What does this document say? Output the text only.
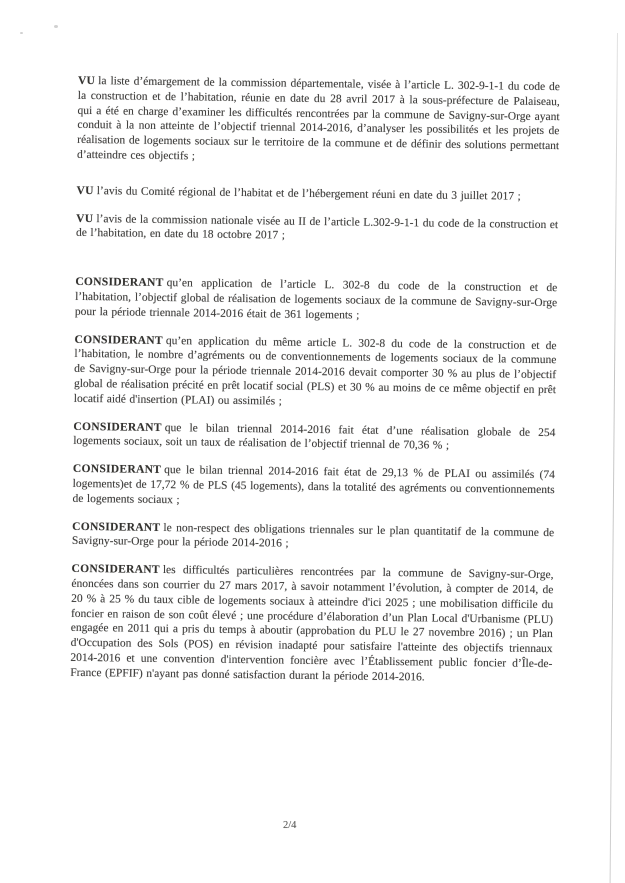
VU la liste d’émargement de la commission départementale, visée à l’article L. 302-9-1-1 du code de la construction et de l’habitation, réunie en date du 28 avril 2017 à la sous-préfecture de Palaiseau, qui a été en charge d’examiner les difficultés rencontrées par la commune de Savigny-sur-Orge ayant conduit à la non atteinte de l’objectif triennal 2014-2016, d’analyser les possibilités et les projets de réalisation de logements sociaux sur le territoire de la commune et de définir des solutions permettant d’atteindre ces objectifs ;

VU l’avis du Comité régional de l’habitat et de l’hébergement réuni en date du 3 juillet 2017 ;

VU l’avis de la commission nationale visée au II de l’article L.302-9-1-1 du code de la construction et de l’habitation, en date du 18 octobre 2017 ;

CONSIDERANT qu’en application de l’article L. 302-8 du code de la construction et de l’habitation, l’objectif global de réalisation de logements sociaux de la commune de Savigny-sur-Orge pour la période triennale 2014-2016 était de 361 logements ;

CONSIDERANT qu’en application du même article L. 302-8 du code de la construction et de l’habitation, le nombre d’agréments ou de conventionnements de logements sociaux de la commune de Savigny-sur-Orge pour la période triennale 2014-2016 devait comporter 30 % au plus de l’objectif global de réalisation précité en prêt locatif social (PLS) et 30 % au moins de ce même objectif en prêt locatif aidé d'insertion (PLAI) ou assimilés ;

CONSIDERANT que le bilan triennal 2014-2016 fait état d’une réalisation globale de 254 logements sociaux, soit un taux de réalisation de l’objectif triennal de 70,36 % ;

CONSIDERANT que le bilan triennal 2014-2016 fait état de 29,13 % de PLAI ou assimilés (74 logements)et de 17,72 % de PLS (45 logements), dans la totalité des agréments ou conventionnements de logements sociaux ;

CONSIDERANT le non-respect des obligations triennales sur le plan quantitatif de la commune de Savigny-sur-Orge pour la période 2014-2016 ;

CONSIDERANT les difficultés particulières rencontrées par la commune de Savigny-sur-Orge, énoncées dans son courrier du 27 mars 2017, à savoir notamment l’évolution, à compter de 2014, de 20 % à 25 % du taux cible de logements sociaux à atteindre d'ici 2025 ; une mobilisation difficile du foncier en raison de son coût élevé ; une procédure d’élaboration d’un Plan Local d'Urbanisme (PLU) engagée en 2011 qui a pris du temps à aboutir (approbation du PLU le 27 novembre 2016) ; un Plan d'Occupation des Sols (POS) en révision inadapté pour satisfaire l'atteinte des objectifs triennaux 2014-2016 et une convention d'intervention foncière avec l’Établissement public foncier d’Île-de-France (EPFIF) n'ayant pas donné satisfaction durant la période 2014-2016.

2/4
